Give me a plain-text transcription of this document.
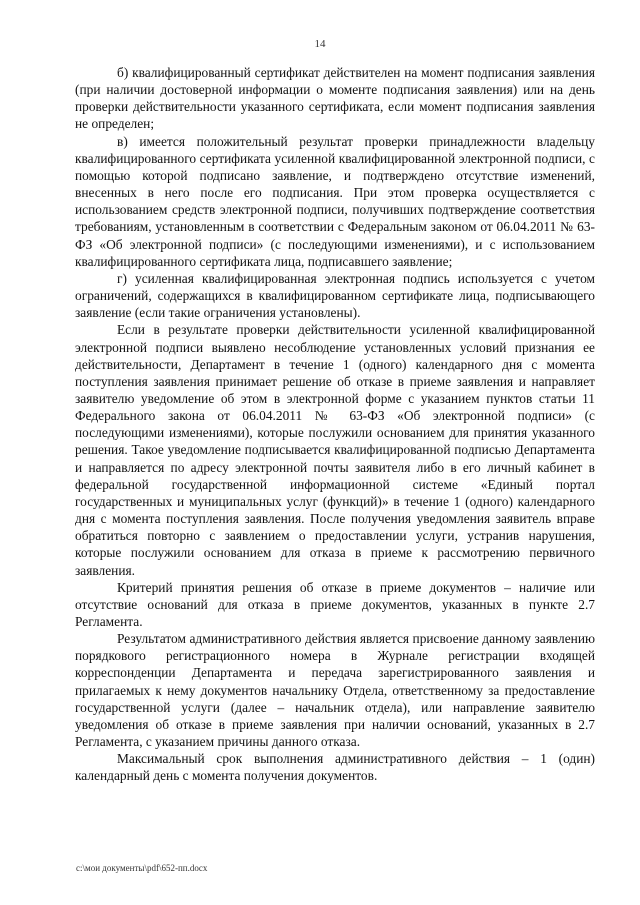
14

б) квалифицированный сертификат действителен на момент подписания заявления (при наличии достоверной информации о моменте подписания заявления) или на день проверки действительности указанного сертификата, если момент подписания заявления не определен;

в) имеется положительный результат проверки принадлежности владельцу квалифицированного сертификата усиленной квалифицированной электронной подписи, с помощью которой подписано заявление, и подтверждено отсутствие изменений, внесенных в него после его подписания. При этом проверка осуществляется с использованием средств электронной подписи, получивших подтверждение соответствия требованиям, установленным в соответствии с Федеральным законом от 06.04.2011 № 63-ФЗ «Об электронной подписи» (с последующими изменениями), и с использованием квалифицированного сертификата лица, подписавшего заявление;

г) усиленная квалифицированная электронная подпись используется с учетом ограничений, содержащихся в квалифицированном сертификате лица, подписывающего заявление (если такие ограничения установлены).

Если в результате проверки действительности усиленной квалифицированной электронной подписи выявлено несоблюдение установленных условий признания ее действительности, Департамент в течение 1 (одного) календарного дня с момента поступления заявления принимает решение об отказе в приеме заявления и направляет заявителю уведомление об этом в электронной форме с указанием пунктов статьи 11 Федерального закона от 06.04.2011 № 63-ФЗ «Об электронной подписи» (с последующими изменениями), которые послужили основанием для принятия указанного решения. Такое уведомление подписывается квалифицированной подписью Департамента и направляется по адресу электронной почты заявителя либо в его личный кабинет в федеральной государственной информационной системе «Единый портал государственных и муниципальных услуг (функций)» в течение 1 (одного) календарного дня с момента поступления заявления. После получения уведомления заявитель вправе обратиться повторно с заявлением о предоставлении услуги, устранив нарушения, которые послужили основанием для отказа в приеме к рассмотрению первичного заявления.

Критерий принятия решения об отказе в приеме документов – наличие или отсутствие оснований для отказа в приеме документов, указанных в пункте 2.7 Регламента.

Результатом административного действия является присвоение данному заявлению порядкового регистрационного номера в Журнале регистрации входящей корреспонденции Департамента и передача зарегистрированного заявления и прилагаемых к нему документов начальнику Отдела, ответственному за предоставление государственной услуги (далее – начальник отдела), или направление заявителю уведомления об отказе в приеме заявления при наличии оснований, указанных в 2.7 Регламента, с указанием причины данного отказа.

Максимальный срок выполнения административного действия – 1 (один) календарный день с момента получения документов.

c:\мои документы\pdf\652-пп.docx
